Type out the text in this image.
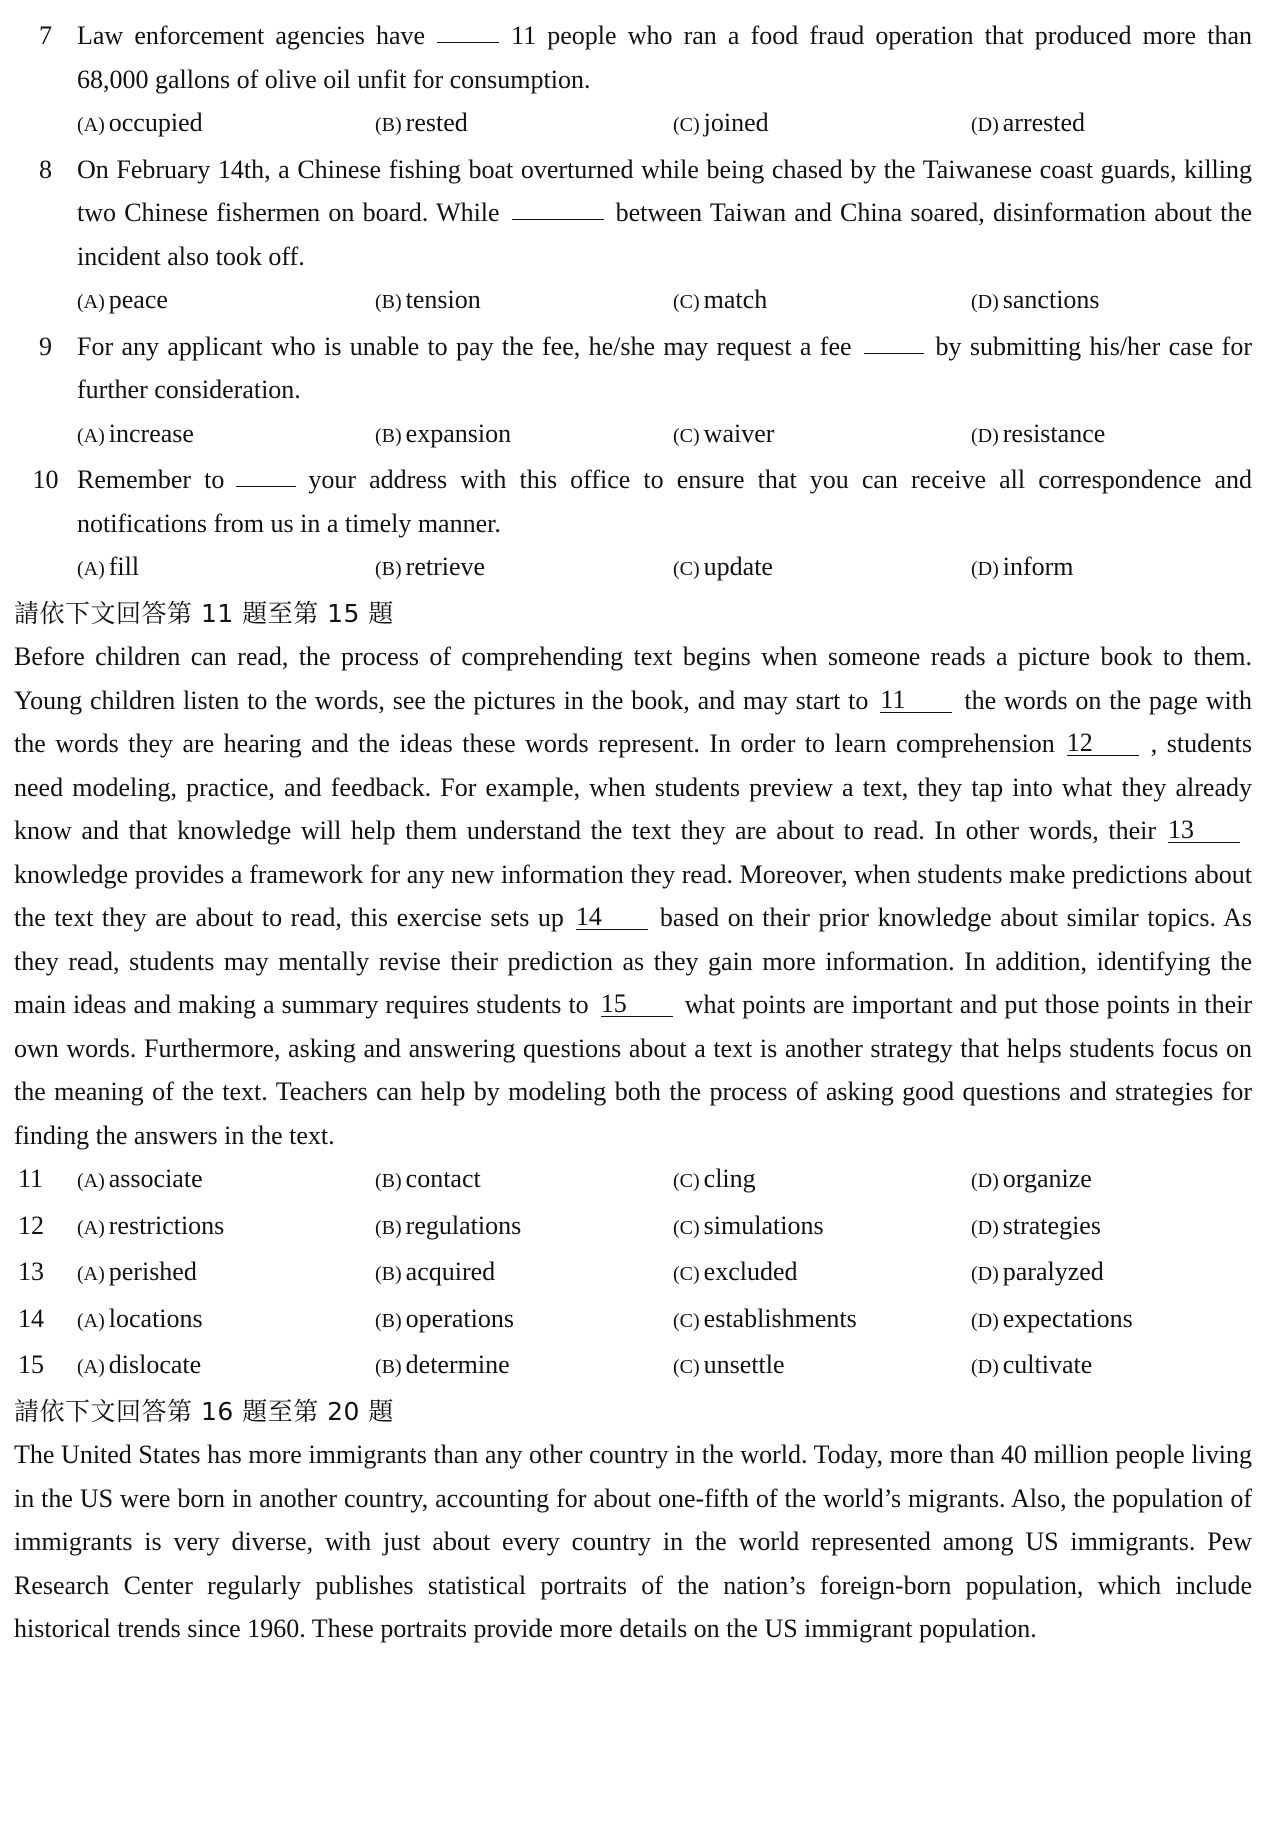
7 Law enforcement agencies have	11 people who ran a food fraud operation that produced more than 68,000 gallons of olive oil unfit for consumption.
(A) occupied	(B) rested	(C) joined	(D) arrested
8 On February 14th, a Chinese fishing boat overturned while being chased by the Taiwanese coast guards, killing two Chinese fishermen on board. While	between Taiwan and China soared, disinformation about the incident also took off.
(A) peace	(B) tension	(C) match	(D) sanctions
9 For any applicant who is unable to pay the fee, he/she may request a fee	by submitting his/her case for further consideration.
(A) increase	(B) expansion	(C) waiver	(D) resistance
10 Remember to	your address with this office to ensure that you can receive all correspondence and notifications from us in a timely manner.
(A) fill	(B) retrieve	(C) update	(D) inform
請依下文回答第 11 題至第 15 題
Before children can read, the process of comprehending text begins when someone reads a picture book to them. Young children listen to the words, see the pictures in the book, and may start to 11 the words on the page with the words they are hearing and the ideas these words represent. In order to learn comprehension 12 , students need modeling, practice, and feedback. For example, when students preview a text, they tap into what they already know and that knowledge will help them understand the text they are about to read. In other words, their 13knowledge provides a framework for any new information they read. Moreover, when students make predictions about the text they are about to read, this exercise sets up 14 based on their prior knowledge about similar topics. As they read, students may mentally revise their prediction as they gain more information. In addition, identifying the main ideas and making a summary requires students to 15 what points are important and put those points in their own words. Furthermore, asking and answering questions about a text is another strategy that helps students focus on the meaning of the text. Teachers can help by modeling both the process of asking good questions and strategies for finding the answers in the text.
11	(A) associate	(B) contact	(C) cling	(D) organize
12	(A) restrictions	(B) regulations	(C) simulations	(D) strategies
13	(A) perished	(B) acquired	(C) excluded	(D) paralyzed
14	(A) locations	(B) operations	(C) establishments	(D) expectations
15	(A) dislocate	(B) determine	(C) unsettle	(D) cultivate
請依下文回答第 16 題至第 20 題
The United States has more immigrants than any other country in the world. Today, more than 40 million people living in the US were born in another country, accounting for about one-fifth of the world’s migrants. Also, the population of immigrants is very diverse, with just about every country in the world represented among US immigrants. Pew Research Center regularly publishes statistical portraits of the nation’s foreign-born population, which include historical trends since 1960. These portraits provide more details on the US immigrant population.
